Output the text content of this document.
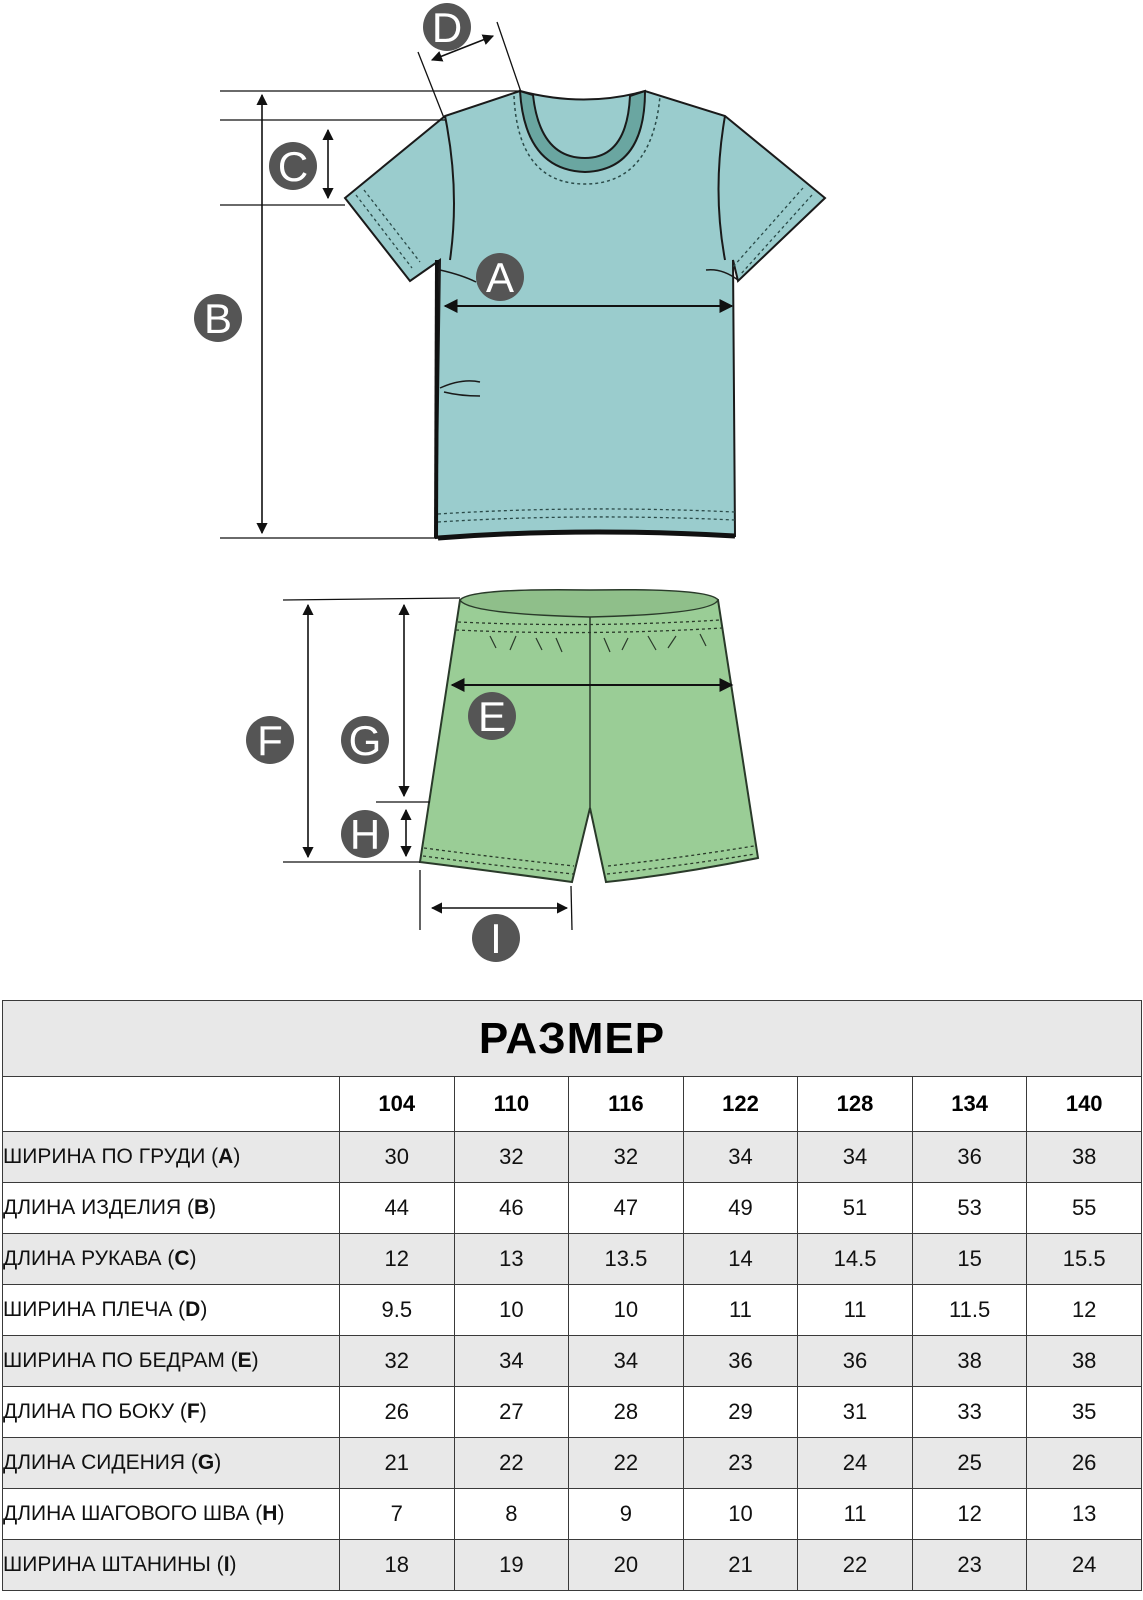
A
B
C
D
E
F G
H
I
РАЗМЕР							
	104	110	116	122	128	134	140
ШИРИНА ПО ГРУДИ (A)	30	32	32	34	34	36	38
ДЛИНА ИЗДЕЛИЯ (B)	44	46	47	49	51	53	55
ДЛИНА РУКАВА (C)	12	13	13.5	14	14.5	15	15.5
ШИРИНА ПЛЕЧА (D)	9.5	10	10	11	11	11.5	12
ШИРИНА ПО БЕДРАМ (E)	32	34	34	36	36	38	38
ДЛИНА ПО БОКУ (F)	26	27	28	29	31	33	35
ДЛИНА СИДЕНИЯ (G)	21	22	22	23	24	25	26
ДЛИНА ШАГОВОГО ШВА (H)	7	8	9	10	11	12	13
ШИРИНА ШТАНИНЫ (I)	18	19	20	21	22	23	24
